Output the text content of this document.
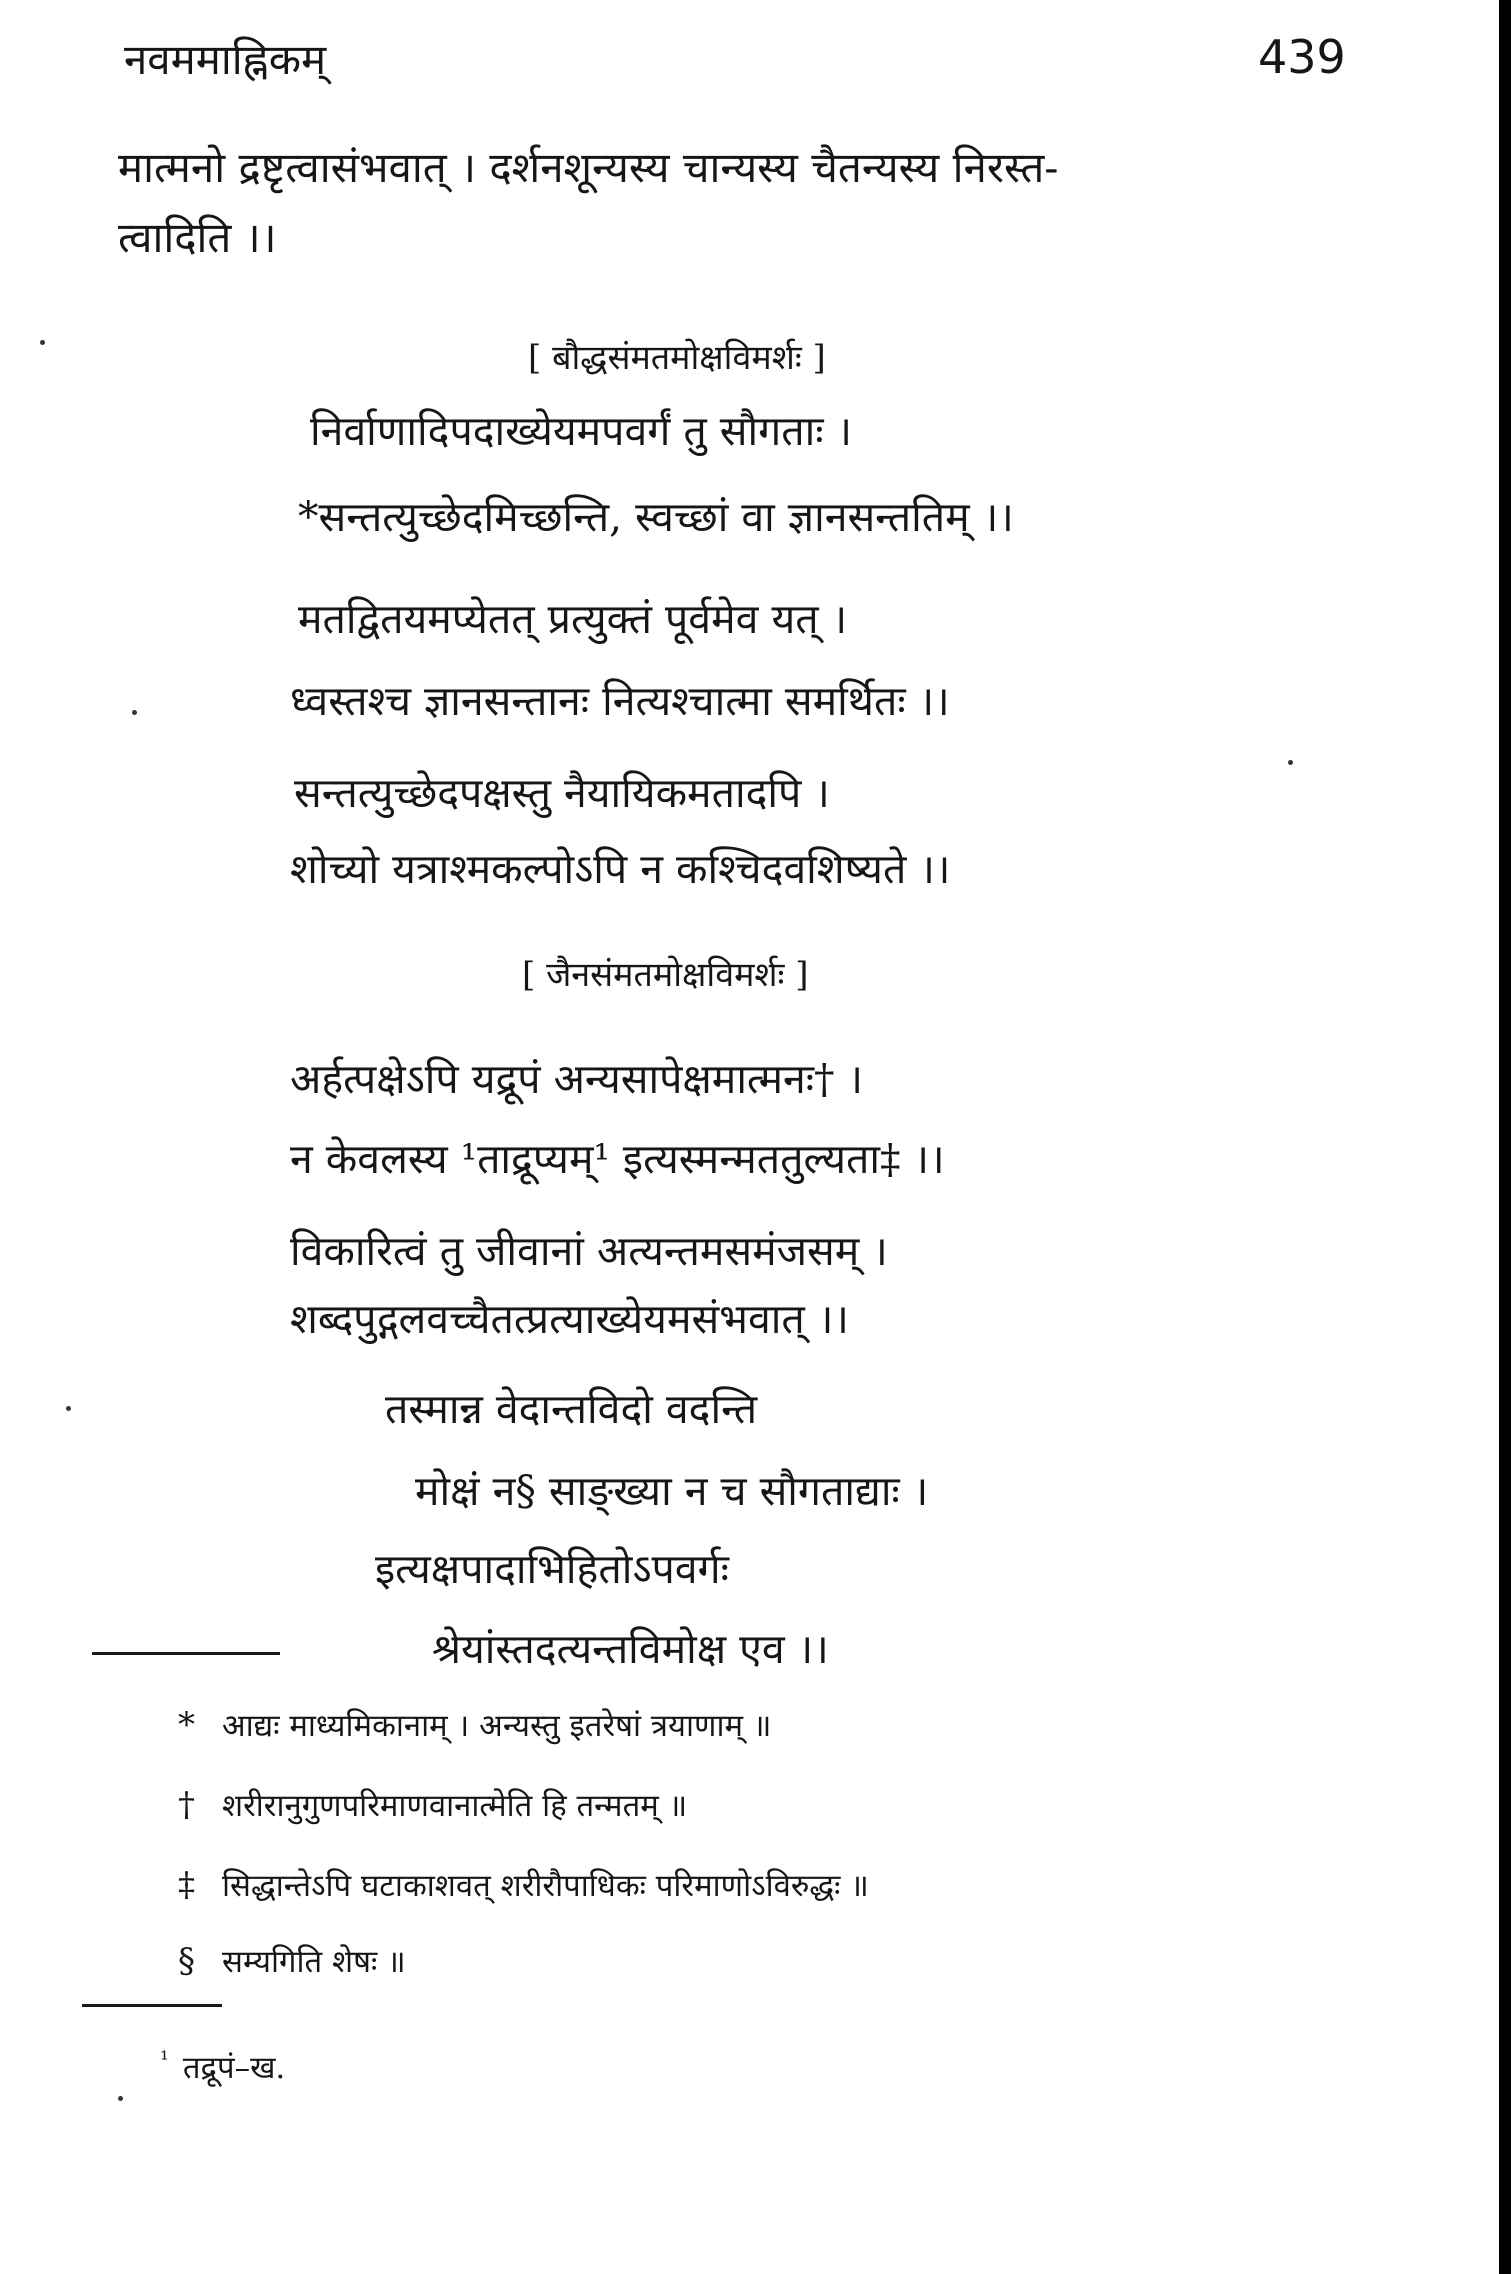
नवममाह्निकम्	439
मात्मनो द्रष्टृत्वासंभवात् । दर्शनशून्यस्य चान्यस्य चैतन्यस्य निरस्त-
त्वादिति ।।
[ बौद्धसंमतमोक्षविमर्शः ]
निर्वाणादिपदाख्येयमपवर्गं तु सौगताः ।
*सन्तत्युच्छेदमिच्छन्ति, स्वच्छां वा ज्ञानसन्ततिम् ।।
मतद्वितयमप्येतत् प्रत्युक्तं पूर्वमेव यत् ।
ध्वस्तश्च ज्ञानसन्तानः नित्यश्चात्मा समर्थितः ।।
सन्तत्युच्छेदपक्षस्तु नैयायिकमतादपि ।
शोच्यो यत्राश्मकल्पोऽपि न कश्चिदवशिष्यते ।।
[ जैनसंमतमोक्षविमर्शः ]
अर्हत्पक्षेऽपि यद्रूपं अन्यसापेक्षमात्मनः† ।
न केवलस्य ¹ताद्रूप्यम्¹ इत्यस्मन्मततुल्यता‡ ।।
विकारित्वं तु जीवानां अत्यन्तमसमंजसम् ।
शब्दपुद्गलवच्चैतत्प्रत्याख्येयमसंभवात् ।।
तस्मान्न वेदान्तविदो वदन्ति
मोक्षं न§ साङ्ख्या न च सौगताद्याः ।
इत्यक्षपादाभिहितोऽपवर्गः
श्रेयांस्तदत्यन्तविमोक्ष एव ।।
* आद्यः माध्यमिकानाम् । अन्यस्तु इतरेषां त्रयाणाम् ॥
† शरीरानुगुणपरिमाणवानात्मेति हि तन्मतम् ॥
‡ सिद्धान्तेऽपि घटाकाशवत् शरीरौपाधिकः परिमाणोऽविरुद्धः ॥
§ सम्यगिति शेषः ॥
$^{^1}$ तद्रूपं–ख.
